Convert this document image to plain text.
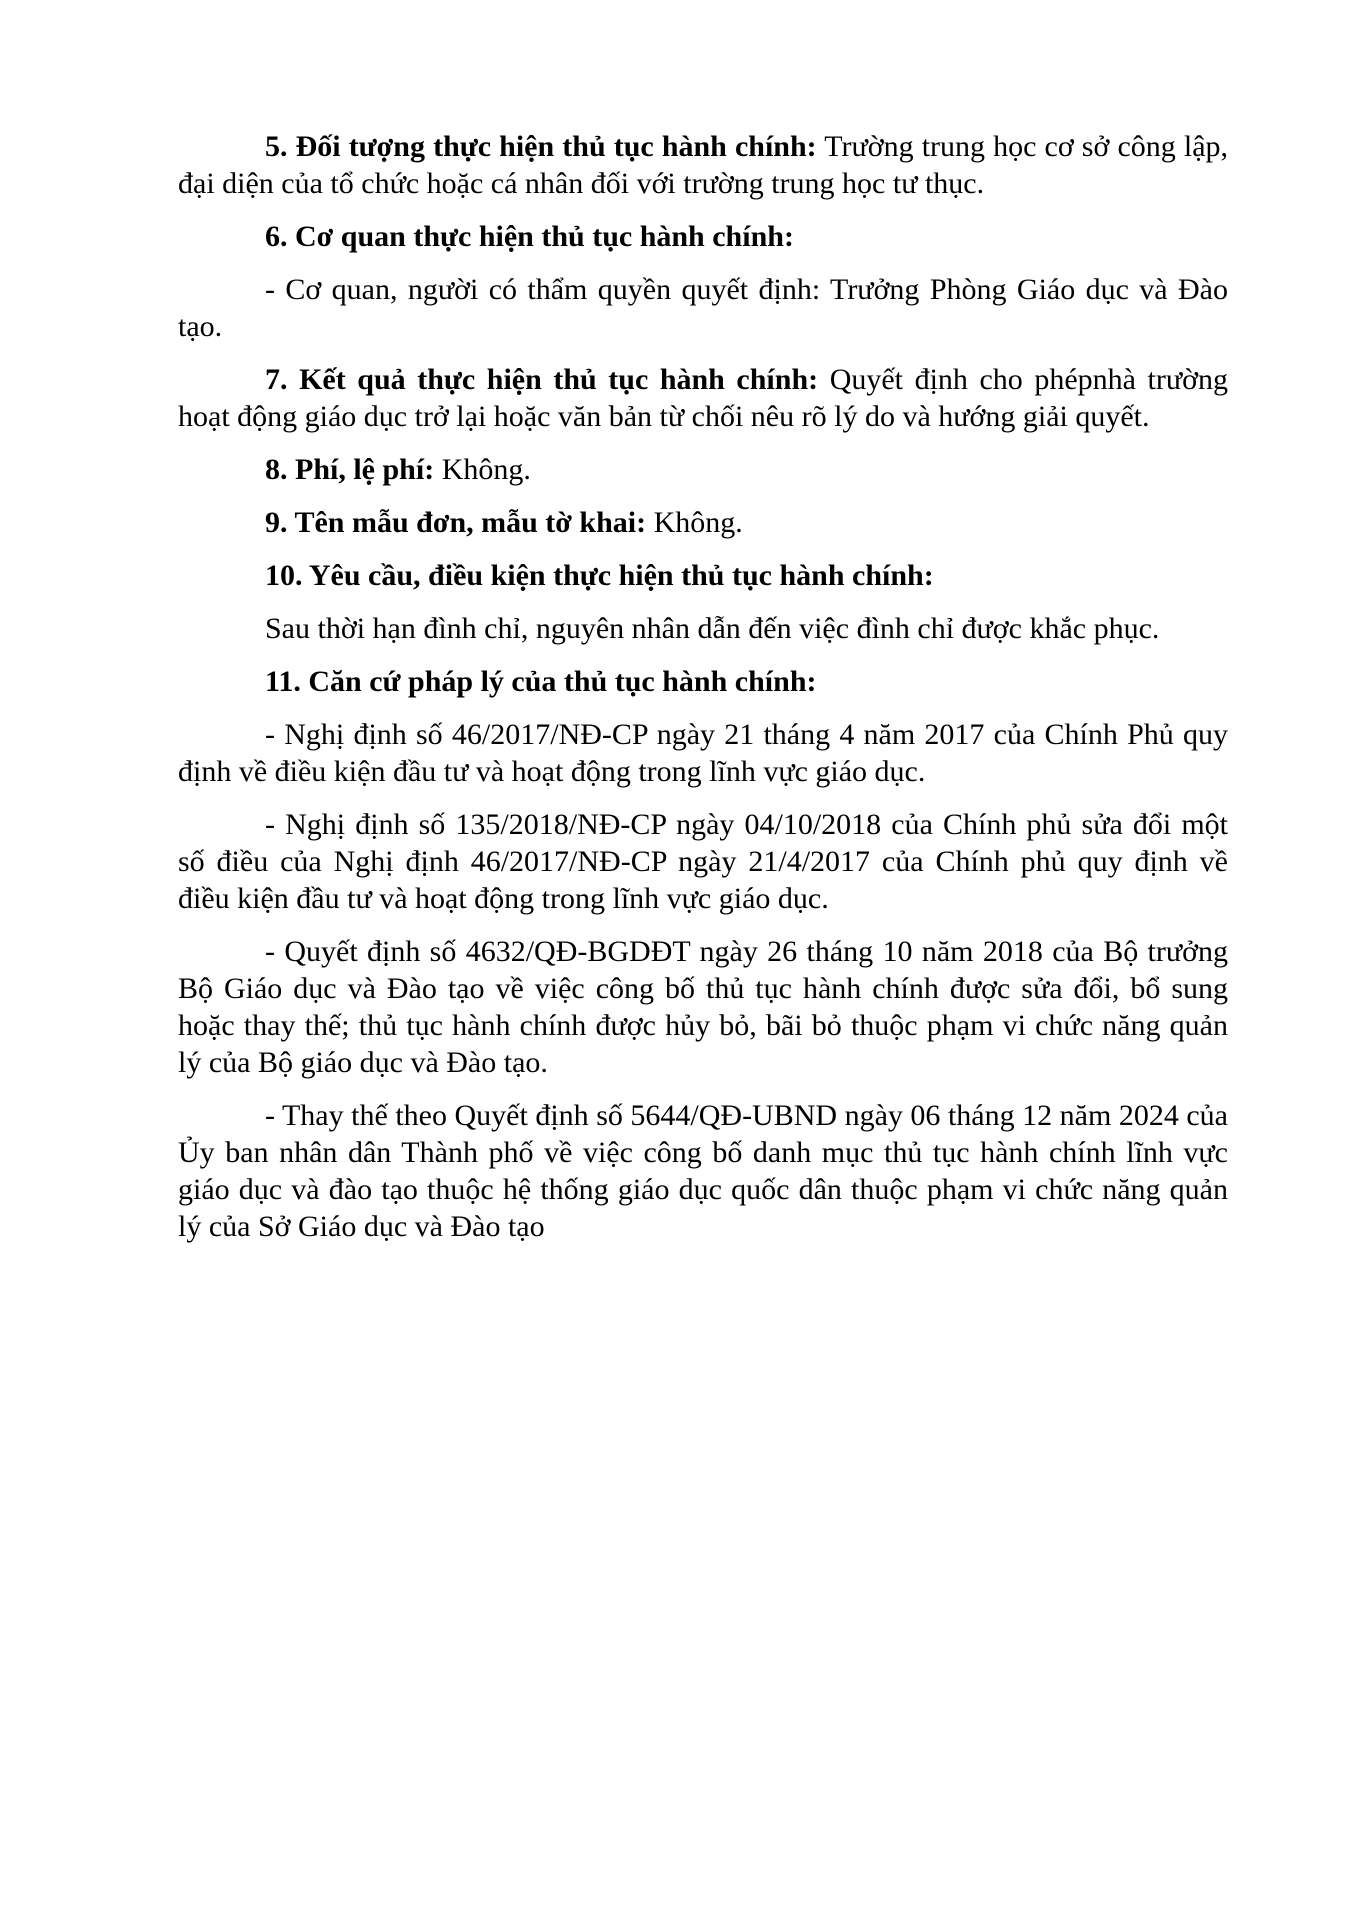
5. Đối tượng thực hiện thủ tục hành chính: Trường trung học cơ sở công lập, đại diện của tổ chức hoặc cá nhân đối với trường trung học tư thục.

6. Cơ quan thực hiện thủ tục hành chính:

- Cơ quan, người có thẩm quyền quyết định: Trưởng Phòng Giáo dục và Đào tạo.

7. Kết quả thực hiện thủ tục hành chính: Quyết định cho phépnhà trường hoạt động giáo dục trở lại hoặc văn bản từ chối nêu rõ lý do và hướng giải quyết.

8. Phí, lệ phí: Không.

9. Tên mẫu đơn, mẫu tờ khai: Không.

10. Yêu cầu, điều kiện thực hiện thủ tục hành chính:

Sau thời hạn đình chỉ, nguyên nhân dẫn đến việc đình chỉ được khắc phục.

11. Căn cứ pháp lý của thủ tục hành chính:

- Nghị định số 46/2017/NĐ-CP ngày 21 tháng 4 năm 2017 của Chính Phủ quy định về điều kiện đầu tư và hoạt động trong lĩnh vực giáo dục.

- Nghị định số 135/2018/NĐ-CP ngày 04/10/2018 của Chính phủ sửa đổi một số điều của Nghị định 46/2017/NĐ-CP ngày 21/4/2017 của Chính phủ quy định về điều kiện đầu tư và hoạt động trong lĩnh vực giáo dục.

- Quyết định số 4632/QĐ-BGDĐT ngày 26 tháng 10 năm 2018 của Bộ trưởng Bộ Giáo dục và Đào tạo về việc công bố thủ tục hành chính được sửa đổi, bổ sung hoặc thay thế; thủ tục hành chính được hủy bỏ, bãi bỏ thuộc phạm vi chức năng quản lý của Bộ giáo dục và Đào tạo.

- Thay thế theo Quyết định số 5644/QĐ-UBND ngày 06 tháng 12 năm 2024 của Ủy ban nhân dân Thành phố về việc công bố danh mục thủ tục hành chính lĩnh vực giáo dục và đào tạo thuộc hệ thống giáo dục quốc dân thuộc phạm vi chức năng quản lý của Sở Giáo dục và Đào tạo
